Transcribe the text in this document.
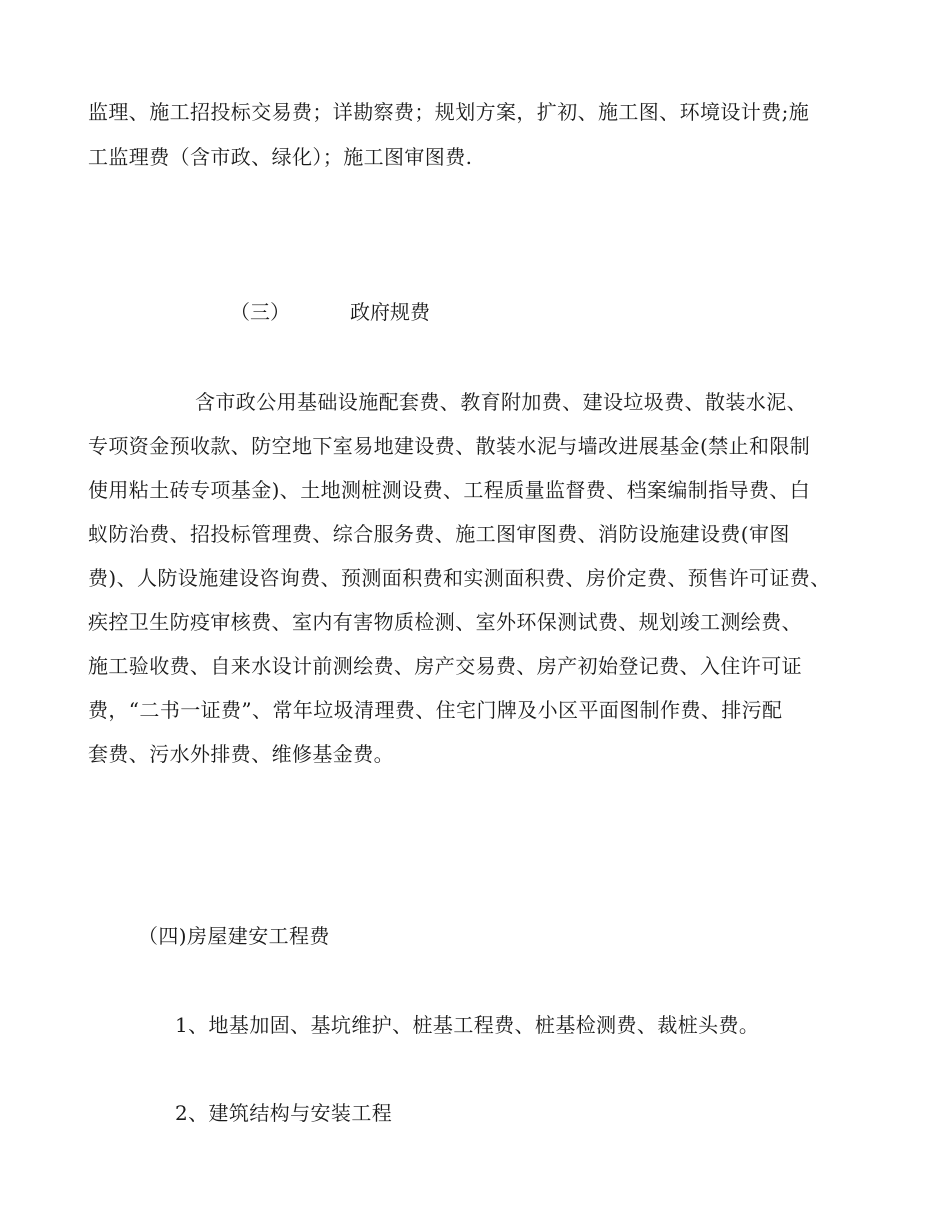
监理、施工招投标交易费；详勘察费；规划方案，扩初、施工图、环境设计费;施
工监理费（含市政、绿化）；施工图审图费.
（三）	政府规费
含市政公用基础设施配套费、教育附加费、建设垃圾费、散装水泥、
专项资金预收款、防空地下室易地建设费、散装水泥与墙改进展基金(禁止和限制
使用粘土砖专项基金)、土地测桩测设费、工程质量监督费、档案编制指导费、白
蚁防治费、招投标管理费、综合服务费、施工图审图费、消防设施建设费(审图
费)、人防设施建设咨询费、预测面积费和实测面积费、房价定费、预售许可证费、
疾控卫生防疫审核费、室内有害物质检测、室外环保测试费、规划竣工测绘费、
施工验收费、自来水设计前测绘费、房产交易费、房产初始登记费、入住许可证
费，“二书一证费”、常年垃圾清理费、住宅门牌及小区平面图制作费、排污配
套费、污水外排费、维修基金费。
（四)房屋建安工程费
1、地基加固、基坑维护、桩基工程费、桩基检测费、裁桩头费。
2、建筑结构与安装工程
